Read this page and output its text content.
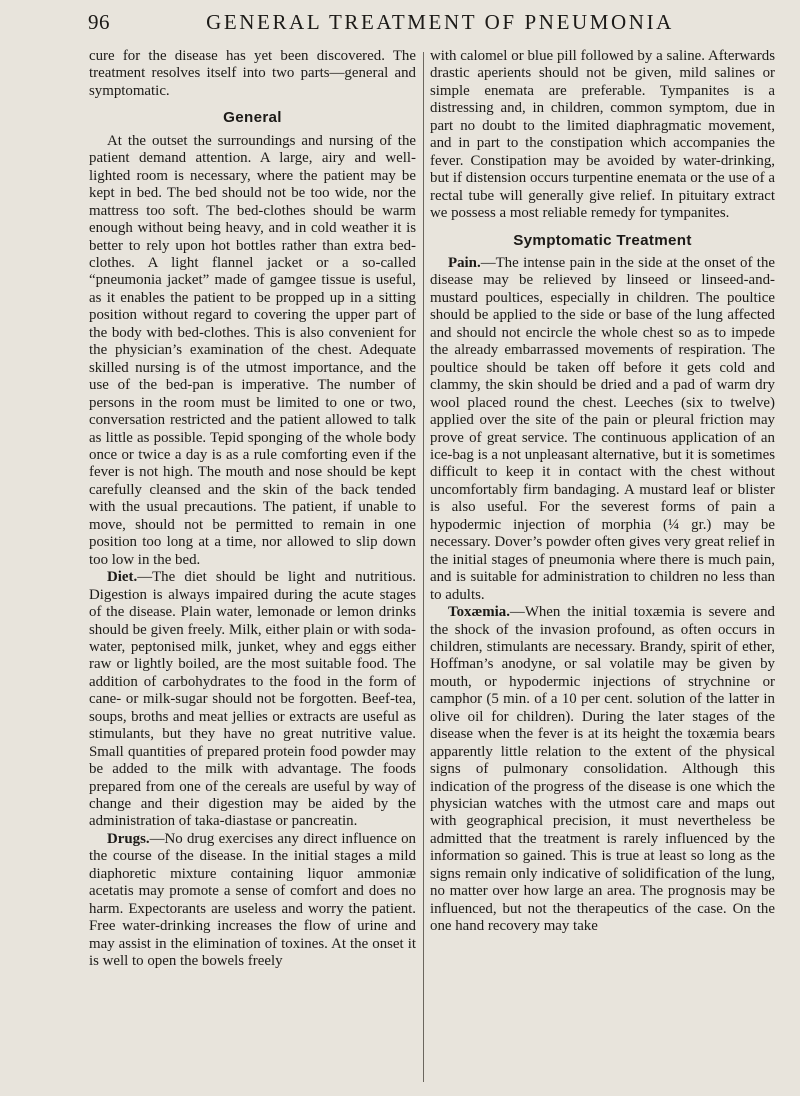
96	GENERAL TREATMENT OF PNEUMONIA

cure for the disease has yet been discovered. The treatment resolves itself into two parts—general and symptomatic.

General

At the outset the surroundings and nursing of the patient demand attention. A large, airy and well-lighted room is necessary, where the patient may be kept in bed. The bed should not be too wide, nor the mattress too soft. The bed-clothes should be warm enough without being heavy, and in cold weather it is better to rely upon hot bottles rather than extra bed-clothes. A light flannel jacket or a so-called “pneumonia jacket” made of gamgee tissue is useful, as it enables the patient to be propped up in a sitting position without regard to covering the upper part of the body with bed-clothes. This is also convenient for the physician’s examination of the chest. Adequate skilled nursing is of the utmost importance, and the use of the bed-pan is imperative. The number of persons in the room must be limited to one or two, conversation restricted and the patient allowed to talk as little as possible. Tepid sponging of the whole body once or twice a day is as a rule comforting even if the fever is not high. The mouth and nose should be kept carefully cleansed and the skin of the back tended with the usual precautions. The patient, if unable to move, should not be permitted to remain in one position too long at a time, nor allowed to slip down too low in the bed.

Diet.—The diet should be light and nutritious. Digestion is always impaired during the acute stages of the disease. Plain water, lemonade or lemon drinks should be given freely. Milk, either plain or with soda-water, peptonised milk, junket, whey and eggs either raw or lightly boiled, are the most suitable food. The addition of carbohydrates to the food in the form of cane- or milk-sugar should not be forgotten. Beef-tea, soups, broths and meat jellies or extracts are useful as stimulants, but they have no great nutritive value. Small quantities of prepared protein food powder may be added to the milk with advantage. The foods prepared from one of the cereals are useful by way of change and their digestion may be aided by the administration of taka-diastase or pancreatin.

Drugs.—No drug exercises any direct influence on the course of the disease. In the initial stages a mild diaphoretic mixture containing liquor ammoniæ acetatis may promote a sense of comfort and does no harm. Expectorants are useless and worry the patient. Free water-drinking increases the flow of urine and may assist in the elimination of toxines. At the onset it is well to open the bowels freely

with calomel or blue pill followed by a saline. Afterwards drastic aperients should not be given, mild salines or simple enemata are preferable. Tympanites is a distressing and, in children, common symptom, due in part no doubt to the limited diaphragmatic movement, and in part to the constipation which accompanies the fever. Constipation may be avoided by water-drinking, but if distension occurs turpentine enemata or the use of a rectal tube will generally give relief. In pituitary extract we possess a most reliable remedy for tympanites.

Symptomatic Treatment

Pain.—The intense pain in the side at the onset of the disease may be relieved by linseed or linseed-and-mustard poultices, especially in children. The poultice should be applied to the side or base of the lung affected and should not encircle the whole chest so as to impede the already embarrassed movements of respiration. The poultice should be taken off before it gets cold and clammy, the skin should be dried and a pad of warm dry wool placed round the chest. Leeches (six to twelve) applied over the site of the pain or pleural friction may prove of great service. The continuous application of an ice-bag is a not unpleasant alternative, but it is sometimes difficult to keep it in contact with the chest without uncomfortably firm bandaging. A mustard leaf or blister is also useful. For the severest forms of pain a hypodermic injection of morphia (¼ gr.) may be necessary. Dover’s powder often gives very great relief in the initial stages of pneumonia where there is much pain, and is suitable for administration to children no less than to adults.

Toxæmia.—When the initial toxæmia is severe and the shock of the invasion profound, as often occurs in children, stimulants are necessary. Brandy, spirit of ether, Hoffman’s anodyne, or sal volatile may be given by mouth, or hypodermic injections of strychnine or camphor (5 min. of a 10 per cent. solution of the latter in olive oil for children). During the later stages of the disease when the fever is at its height the toxæmia bears apparently little relation to the extent of the physical signs of pulmonary consolidation. Although this indication of the progress of the disease is one which the physician watches with the utmost care and maps out with geographical precision, it must nevertheless be admitted that the treatment is rarely influenced by the information so gained. This is true at least so long as the signs remain only indicative of solidification of the lung, no matter over how large an area. The prognosis may be influenced, but not the therapeutics of the case. On the one hand recovery may take
